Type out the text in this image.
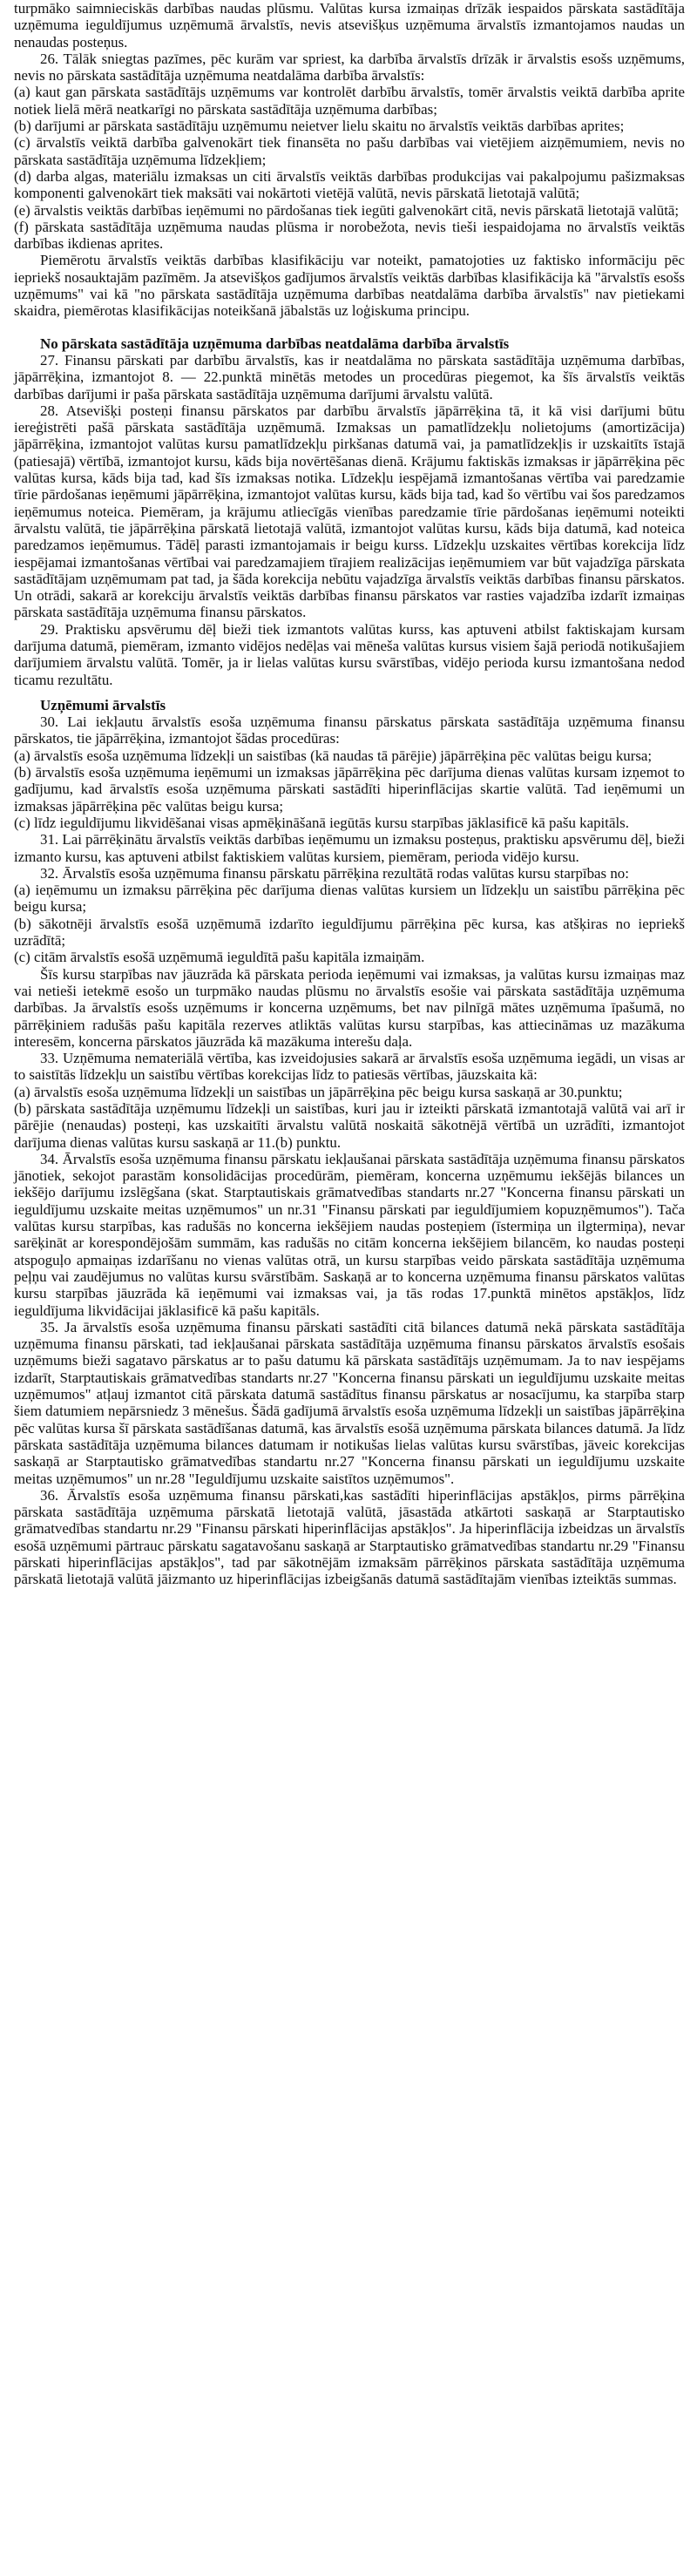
turpmāko saimnieciskās darbības naudas plūsmu. Valūtas kursa izmaiņas drīzāk iespaidos pārskata sastādītāja uzņēmuma ieguldījumus uzņēmumā ārvalstīs, nevis atsevišķus uzņēmuma ārvalstīs izmantojamos naudas un nenaudas posteņus.

26. Tālāk sniegtas pazīmes, pēc kurām var spriest, ka darbība ārvalstīs drīzāk ir ārvalstis esošs uzņēmums, nevis no pārskata sastādītāja uzņēmuma neatdalāma darbība ārvalstīs:

(a) kaut gan pārskata sastādītājs uzņēmums var kontrolēt darbību ārvalstīs, tomēr ārvalstis veiktā darbība aprite notiek lielā mērā neatkarīgi no pārskata sastādītāja uzņēmuma darbības;

(b) darījumi ar pārskata sastādītāju uzņēmumu neietver lielu skaitu no ārvalstīs veiktās darbības aprites;

(c) ārvalstīs veiktā darbība galvenokārt tiek finansēta no pašu darbības vai vietējiem aizņēmumiem, nevis no pārskata sastādītāja uzņēmuma līdzekļiem;

(d) darba algas, materiālu izmaksas un citi ārvalstīs veiktās darbības produkcijas vai pakalpojumu pašizmaksas komponenti galvenokārt tiek maksāti vai nokārtoti vietējā valūtā, nevis pārskatā lietotajā valūtā;

(e) ārvalstis veiktās darbības ieņēmumi no pārdošanas tiek iegūti galvenokārt citā, nevis pārskatā lietotajā valūtā;

(f) pārskata sastādītāja uzņēmuma naudas plūsma ir norobežota, nevis tieši iespaidojama no ārvalstīs veiktās darbības ikdienas aprites.

Piemērotu ārvalstīs veiktās darbības klasifikāciju var noteikt, pamatojoties uz faktisko informāciju pēc iepriekš nosauktajām pazīmēm. Ja atsevišķos gadījumos ārvalstīs veiktās darbības klasifikācija kā "ārvalstīs esošs uzņēmums" vai kā "no pārskata sastādītāja uzņēmuma darbības neatdalāma darbība ārvalstīs" nav pietiekami skaidra, piemērotas klasifikācijas noteikšanā jābalstās uz loģiskuma principu.

No pārskata sastādītāja uzņēmuma darbības neatdalāma darbība ārvalstīs

27. Finansu pārskati par darbību ārvalstīs, kas ir neatdalāma no pārskata sastādītāja uzņēmuma darbības, jāpārrēķina, izmantojot 8. — 22.punktā minētās metodes un procedūras piegemot, ka šīs ārvalstīs veiktās darbības darījumi ir paša pārskata sastādītāja uzņēmuma darījumi ārvalstu valūtā.

28. Atsevišķi posteņi finansu pārskatos par darbību ārvalstīs jāpārrēķina tā, it kā visi darījumi būtu iereģistrēti pašā pārskata sastādītāja uzņēmumā. Izmaksas un pamatlīdzekļu nolietojums (amortizācija) jāpārrēķina, izmantojot valūtas kursu pamatlīdzekļu pirkšanas datumā vai, ja pamatlīdzekļis ir uzskaitīts īstajā (patiesajā) vērtībā, izmantojot kursu, kāds bija novērtēšanas dienā. Krājumu faktiskās izmaksas ir jāpārrēķina pēc valūtas kursa, kāds bija tad, kad šīs izmaksas notika. Līdzekļu iespējamā izmantošanas vērtība vai paredzamie tīrie pārdošanas ieņēmumi jāpārrēķina, izmantojot valūtas kursu, kāds bija tad, kad šo vērtību vai šos paredzamos ieņēmumus noteica. Piemēram, ja krājumu atliecīgās vienības paredzamie tīrie pārdošanas ieņēmumi noteikti ārvalstu valūtā, tie jāpārrēķina pārskatā lietotajā valūtā, izmantojot valūtas kursu, kāds bija datumā, kad noteica paredzamos ieņēmumus. Tādēļ parasti izmantojamais ir beigu kurss. Līdzekļu uzskaites vērtības korekcija līdz iespējamai izmantošanas vērtībai vai paredzamajiem tīrajiem realizācijas ieņēmumiem var būt vajadzīga pārskata sastādītājam uzņēmumam pat tad, ja šāda korekcija nebūtu vajadzīga ārvalstīs veiktās darbības finansu pārskatos. Un otrādi, sakarā ar korekciju ārvalstīs veiktās darbības finansu pārskatos var rasties vajadzība izdarīt izmaiņas pārskata sastādītāja uzņēmuma finansu pārskatos.

29. Praktisku apsvērumu dēļ bieži tiek izmantots valūtas kurss, kas aptuveni atbilst faktiskajam kursam darījuma datumā, piemēram, izmanto vidējos nedēļas vai mēneša valūtas kursus visiem šajā periodā notikušajiem darījumiem ārvalstu valūtā. Tomēr, ja ir lielas valūtas kursu svārstības, vidējo perioda kursu izmantošana nedod ticamu rezultātu.

Uzņēmumi ārvalstīs

30. Lai iekļautu ārvalstīs esoša uzņēmuma finansu pārskatus pārskata sastādītāja uzņēmuma finansu pārskatos, tie jāpārrēķina, izmantojot šādas procedūras:

(a) ārvalstīs esoša uzņēmuma līdzekļi un saistības (kā naudas tā pārējie) jāpārrēķina pēc valūtas beigu kursa;

(b) ārvalstīs esoša uzņēmuma ieņēmumi un izmaksas jāpārrēķina pēc darījuma dienas valūtas kursam izņemot to gadījumu, kad ārvalstīs esoša uzņēmuma pārskati sastādīti hiperinflācijas skartie valūtā. Tad ieņēmumi un izmaksas jāpārrēķina pēc valūtas beigu kursa;

(c) līdz ieguldījumu likvidēšanai visas apmēķināšanā iegūtās kursu starpības jāklasificē kā pašu kapitāls.

31. Lai pārrēķinātu ārvalstīs veiktās darbības ieņēmumu un izmaksu posteņus, praktisku apsvērumu dēļ, bieži izmanto kursu, kas aptuveni atbilst faktiskiem valūtas kursiem, piemēram, perioda vidējo kursu.

32. Ārvalstīs esoša uzņēmuma finansu pārskatu pārrēķina rezultātā rodas valūtas kursu starpības no:

(a) ieņēmumu un izmaksu pārrēķina pēc darījuma dienas valūtas kursiem un līdzekļu un saistību pārrēķina pēc beigu kursa;

(b) sākotnēji ārvalstīs esošā uzņēmumā izdarīto ieguldījumu pārrēķina pēc kursa, kas atšķiras no iepriekš uzrādītā;

(c) citām ārvalstīs esošā uzņēmumā ieguldītā pašu kapitāla izmaiņām.

Šīs kursu starpības nav jāuzrāda kā pārskata perioda ieņēmumi vai izmaksas, ja valūtas kursu izmaiņas maz vai netieši ietekmē esošo un turpmāko naudas plūsmu no ārvalstīs esošie vai pārskata sastādītāja uzņēmuma darbības. Ja ārvalstīs esošs uzņēmums ir koncerna uzņēmums, bet nav pilnīgā mātes uzņēmuma īpašumā, no pārrēķiniem radušās pašu kapitāla rezerves atliktās valūtas kursu starpības, kas attiecināmas uz mazākuma interesēm, koncerna pārskatos jāuzrāda kā mazākuma interešu daļa.

33. Uzņēmuma nemateriālā vērtība, kas izveidojusies sakarā ar ārvalstīs esoša uzņēmuma iegādi, un visas ar to saistītās līdzekļu un saistību vērtības korekcijas līdz to patiesās vērtības, jāuzskaita kā:

(a) ārvalstīs esoša uzņēmuma līdzekļi un saistības un jāpārrēķina pēc beigu kursa saskaņā ar 30.punktu;

(b) pārskata sastādītāja uzņēmumu līdzekļi un saistības, kuri jau ir izteikti pārskatā izmantotajā valūtā vai arī ir pārējie (nenaudas) posteņi, kas uzskaitīti ārvalstu valūtā noskaitā sākotnējā vērtībā un uzrādīti, izmantojot darījuma dienas valūtas kursu saskaņā ar 11.(b) punktu.

34. Ārvalstīs esoša uzņēmuma finansu pārskatu iekļaušanai pārskata sastādītāja uzņēmuma finansu pārskatos jānotiek, sekojot parastām konsolidācijas procedūrām, piemēram, koncerna uzņēmumu iekšējās bilances un iekšējo darījumu izslēgšana (skat. Starptautiskais grāmatvedības standarts nr.27 "Koncerna finansu pārskati un ieguldījumu uzskaite meitas uzņēmumos" un nr.31 "Finansu pārskati par ieguldījumiem kopuzņēmumos"). Tača valūtas kursu starpības, kas radušās no koncerna iekšējiem naudas posteņiem (īstermiņa un ilgtermiņa), nevar sarēķināt ar korespondējošām summām, kas radušās no citām koncerna iekšējiem bilancēm, ko naudas posteņi atspoguļo apmaiņas izdarīšanu no vienas valūtas otrā, un kursu starpības veido pārskata sastādītāja uzņēmuma peļņu vai zaudējumus no valūtas kursu svārstībām. Saskaņā ar to koncerna uzņēmuma finansu pārskatos valūtas kursu starpības jāuzrāda kā ieņēmumi vai izmaksas vai, ja tās rodas 17.punktā minētos apstākļos, līdz ieguldījuma likvidācijai jāklasificē kā pašu kapitāls.

35. Ja ārvalstīs esoša uzņēmuma finansu pārskati sastādīti citā bilances datumā nekā pārskata sastādītāja uzņēmuma finansu pārskati, tad iekļaušanai pārskata sastādītāja uzņēmuma finansu pārskatos ārvalstīs esošais uzņēmums bieži sagatavo pārskatus ar to pašu datumu kā pārskata sastādītājs uzņēmumam. Ja to nav iespējams izdarīt, Starptautiskais grāmatvedības standarts nr.27 "Koncerna finansu pārskati un ieguldījumu uzskaite meitas uzņēmumos" atļauj izmantot citā pārskata datumā sastādītus finansu pārskatus ar nosacījumu, ka starpība starp šiem datumiem nepārsniedz 3 mēnešus. Šādā gadījumā ārvalstīs esoša uzņēmuma līdzekļi un saistības jāpārrēķina pēc valūtas kursa šī pārskata sastādīšanas datumā, kas ārvalstīs esošā uzņēmuma pārskata bilances datumā. Ja līdz pārskata sastādītāja uzņēmuma bilances datumam ir notikušas lielas valūtas kursu svārstības, jāveic korekcijas saskaņā ar Starptautisko grāmatvedības standartu nr.27 "Koncerna finansu pārskati un ieguldījumu uzskaite meitas uzņēmumos" un nr.28 "Ieguldījumu uzskaite saistītos uzņēmumos".

36. Ārvalstīs esoša uzņēmuma finansu pārskati,kas sastādīti hiperinflācijas apstākļos, pirms pārrēķina pārskata sastādītāja uzņēmuma pārskatā lietotajā valūtā, jāsastāda atkārtoti saskaņā ar Starptautisko grāmatvedības standartu nr.29 "Finansu pārskati hiperinflācijas apstākļos". Ja hiperinflācija izbeidzas un ārvalstīs esošā uzņēmumi pārtrauc pārskatu sagatavošanu saskaņā ar Starptautisko grāmatvedības standartu nr.29 "Finansu pārskati hiperinflācijas apstākļos", tad par sākotnējām izmaksām pārrēķinos pārskata sastādītāja uzņēmuma pārskatā lietotajā valūtā jāizmanto uz hiperinflācijas izbeigšanās datumā sastādītajām vienības izteiktās summas.
